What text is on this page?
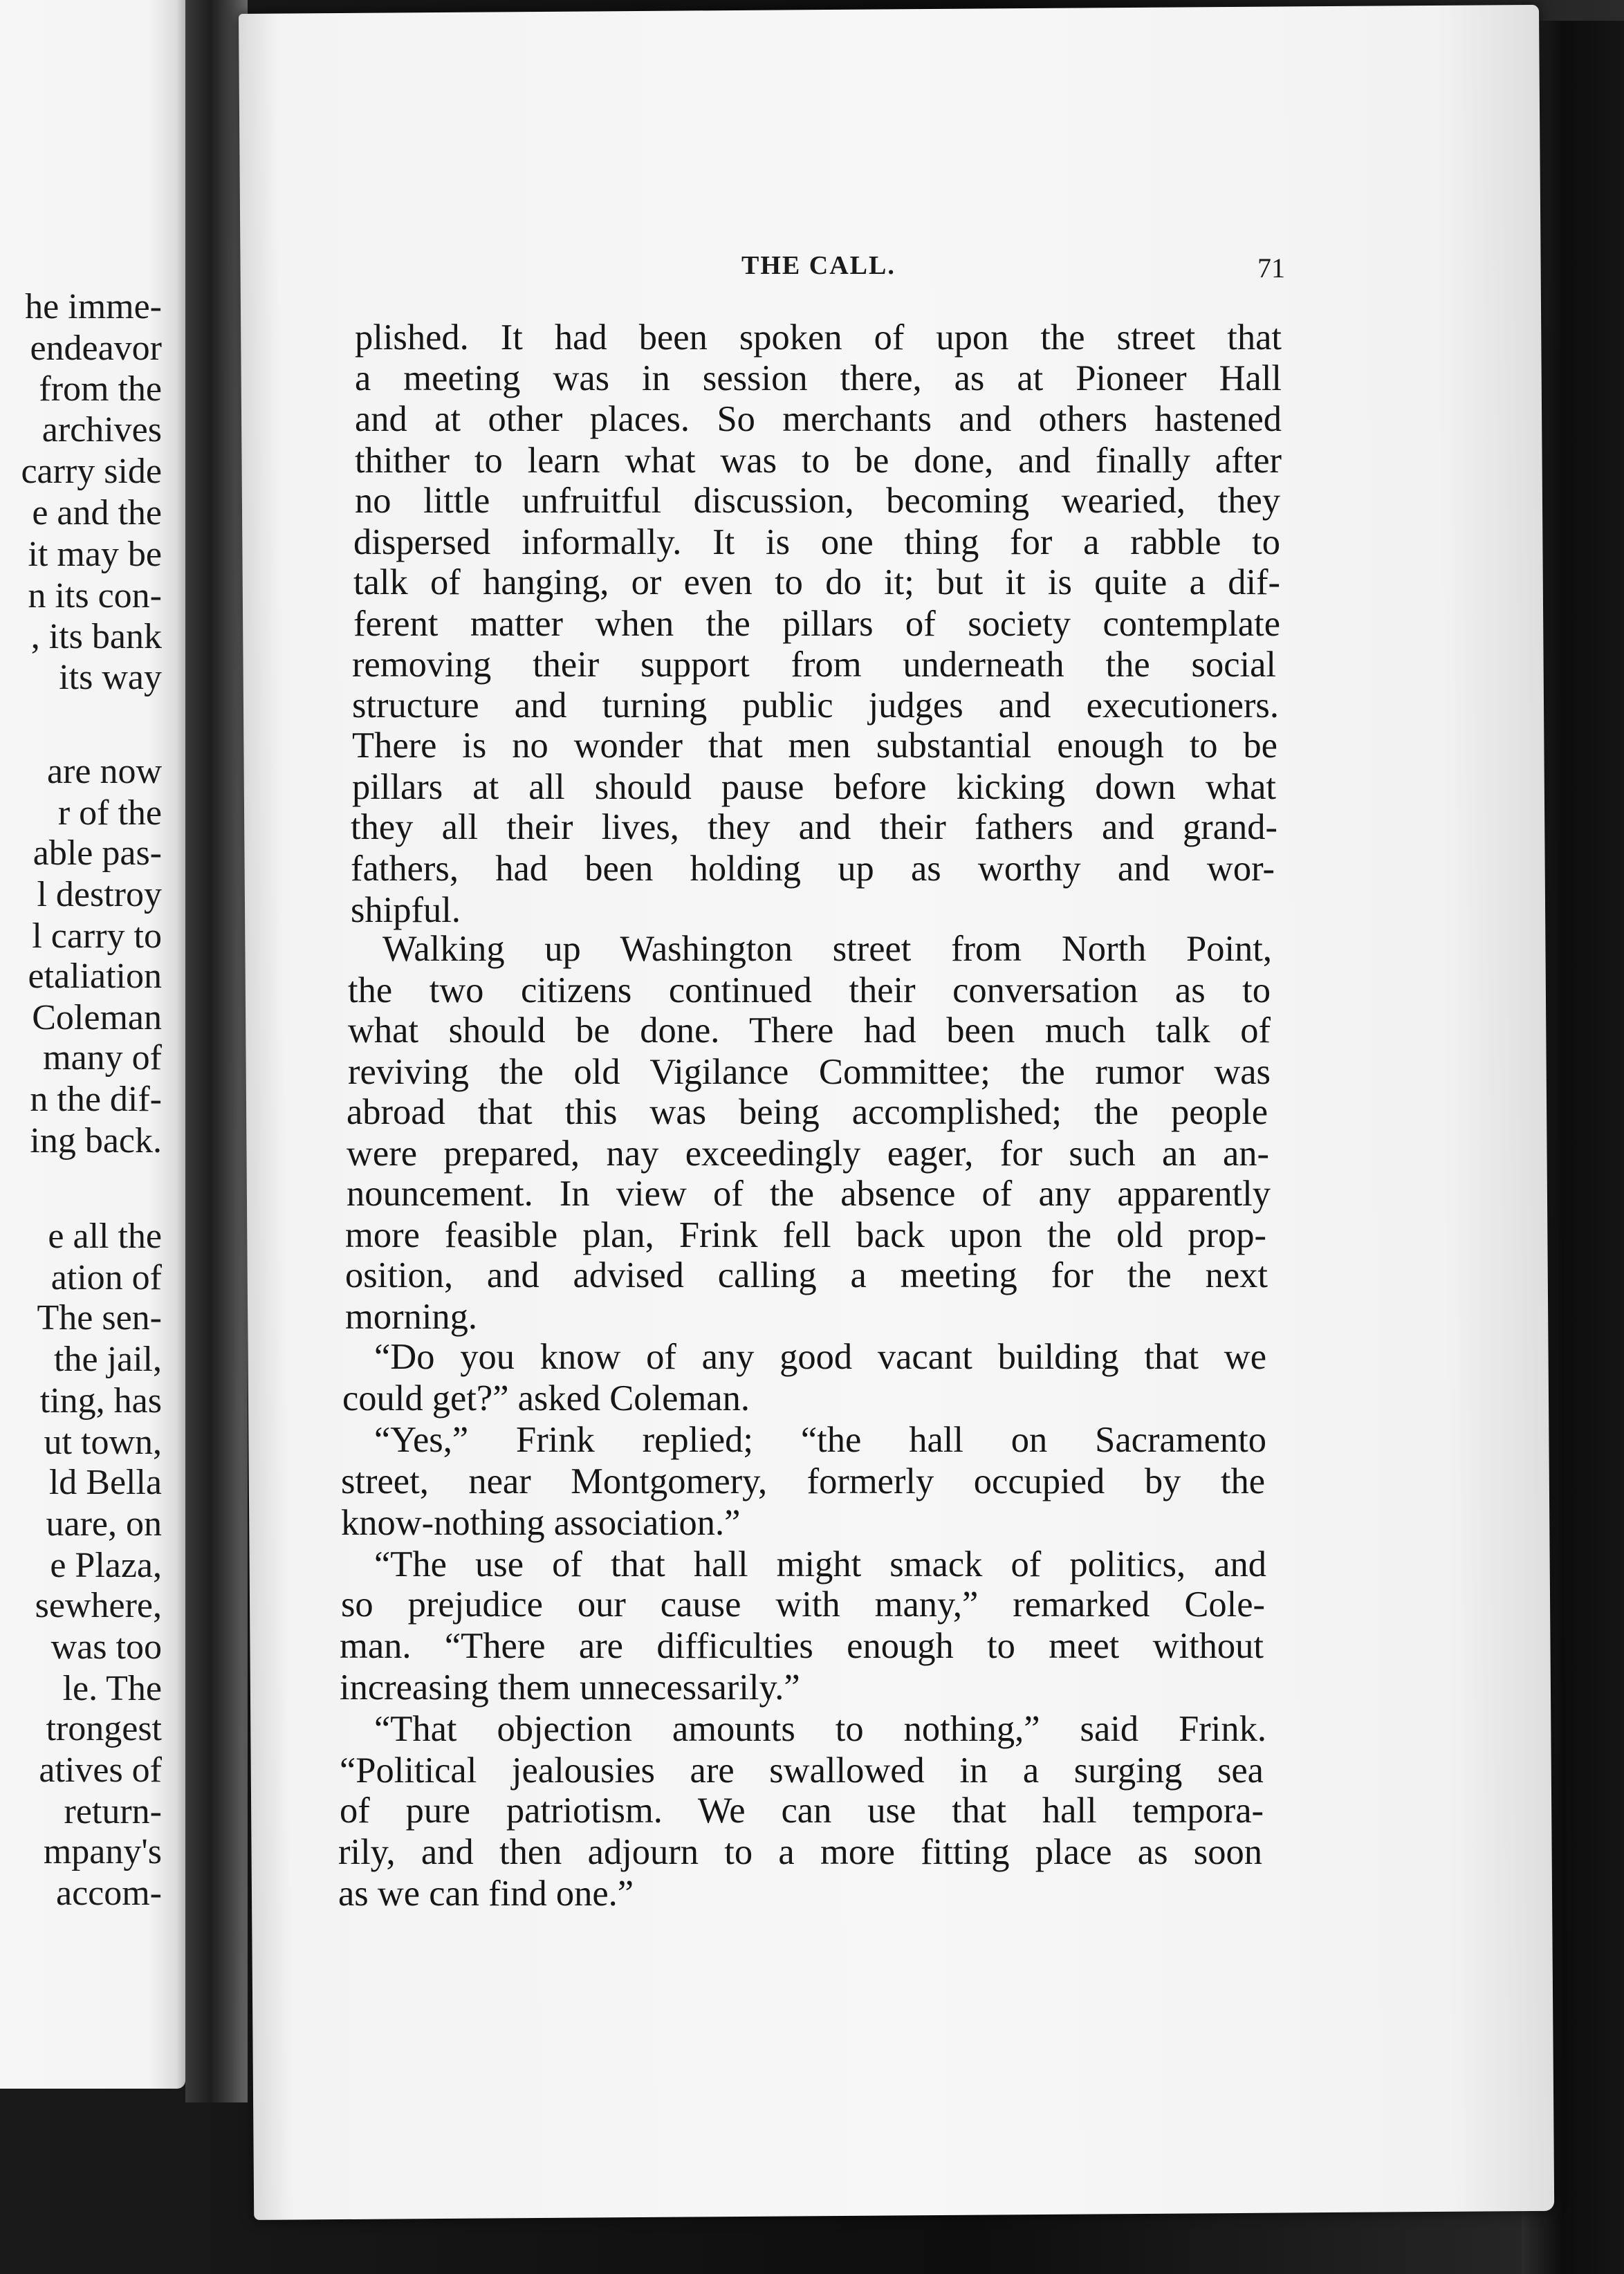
he imme-
endeavor
from the
archives
carry side
e and the
it may be
n its con-
, its bank
its way
are now
r of the
able pas-
l destroy
l carry to
etaliation
Coleman
many of
n the dif-
ing back.
e all the
ation of
The sen-
the jail,
ting, has
ut town,
ld Bella
uare, on
e Plaza,
sewhere,
was too
le. The
trongest
atives of
return-
mpany's
accom-
THE CALL.	71
plished. It had been spoken of upon the street that
a meeting was in session there, as at Pioneer Hall
and at other places. So merchants and others hastened
thither to learn what was to be done, and finally after
no little unfruitful discussion, becoming wearied, they
dispersed informally. It is one thing for a rabble to
talk of hanging, or even to do it; but it is quite a dif-
ferent matter when the pillars of society contemplate
removing their support from underneath the social
structure and turning public judges and executioners.
There is no wonder that men substantial enough to be
pillars at all should pause before kicking down what
they all their lives, they and their fathers and grand-
fathers, had been holding up as worthy and wor-
shipful.
Walking up Washington street from North Point,
the two citizens continued their conversation as to
what should be done. There had been much talk of
reviving the old Vigilance Committee; the rumor was
abroad that this was being accomplished; the people
were prepared, nay exceedingly eager, for such an an-
nouncement. In view of the absence of any apparently
more feasible plan, Frink fell back upon the old prop-
osition, and advised calling a meeting for the next
morning.
“Do you know of any good vacant building that we
could get?” asked Coleman.
“Yes,” Frink replied; “the hall on Sacramento
street, near Montgomery, formerly occupied by the
know-nothing association.”
“The use of that hall might smack of politics, and
so prejudice our cause with many,” remarked Cole-
man. “There are difficulties enough to meet without
increasing them unnecessarily.”
“That objection amounts to nothing,” said Frink.
“Political jealousies are swallowed in a surging sea
of pure patriotism. We can use that hall tempora-
rily, and then adjourn to a more fitting place as soon
as we can find one.”
